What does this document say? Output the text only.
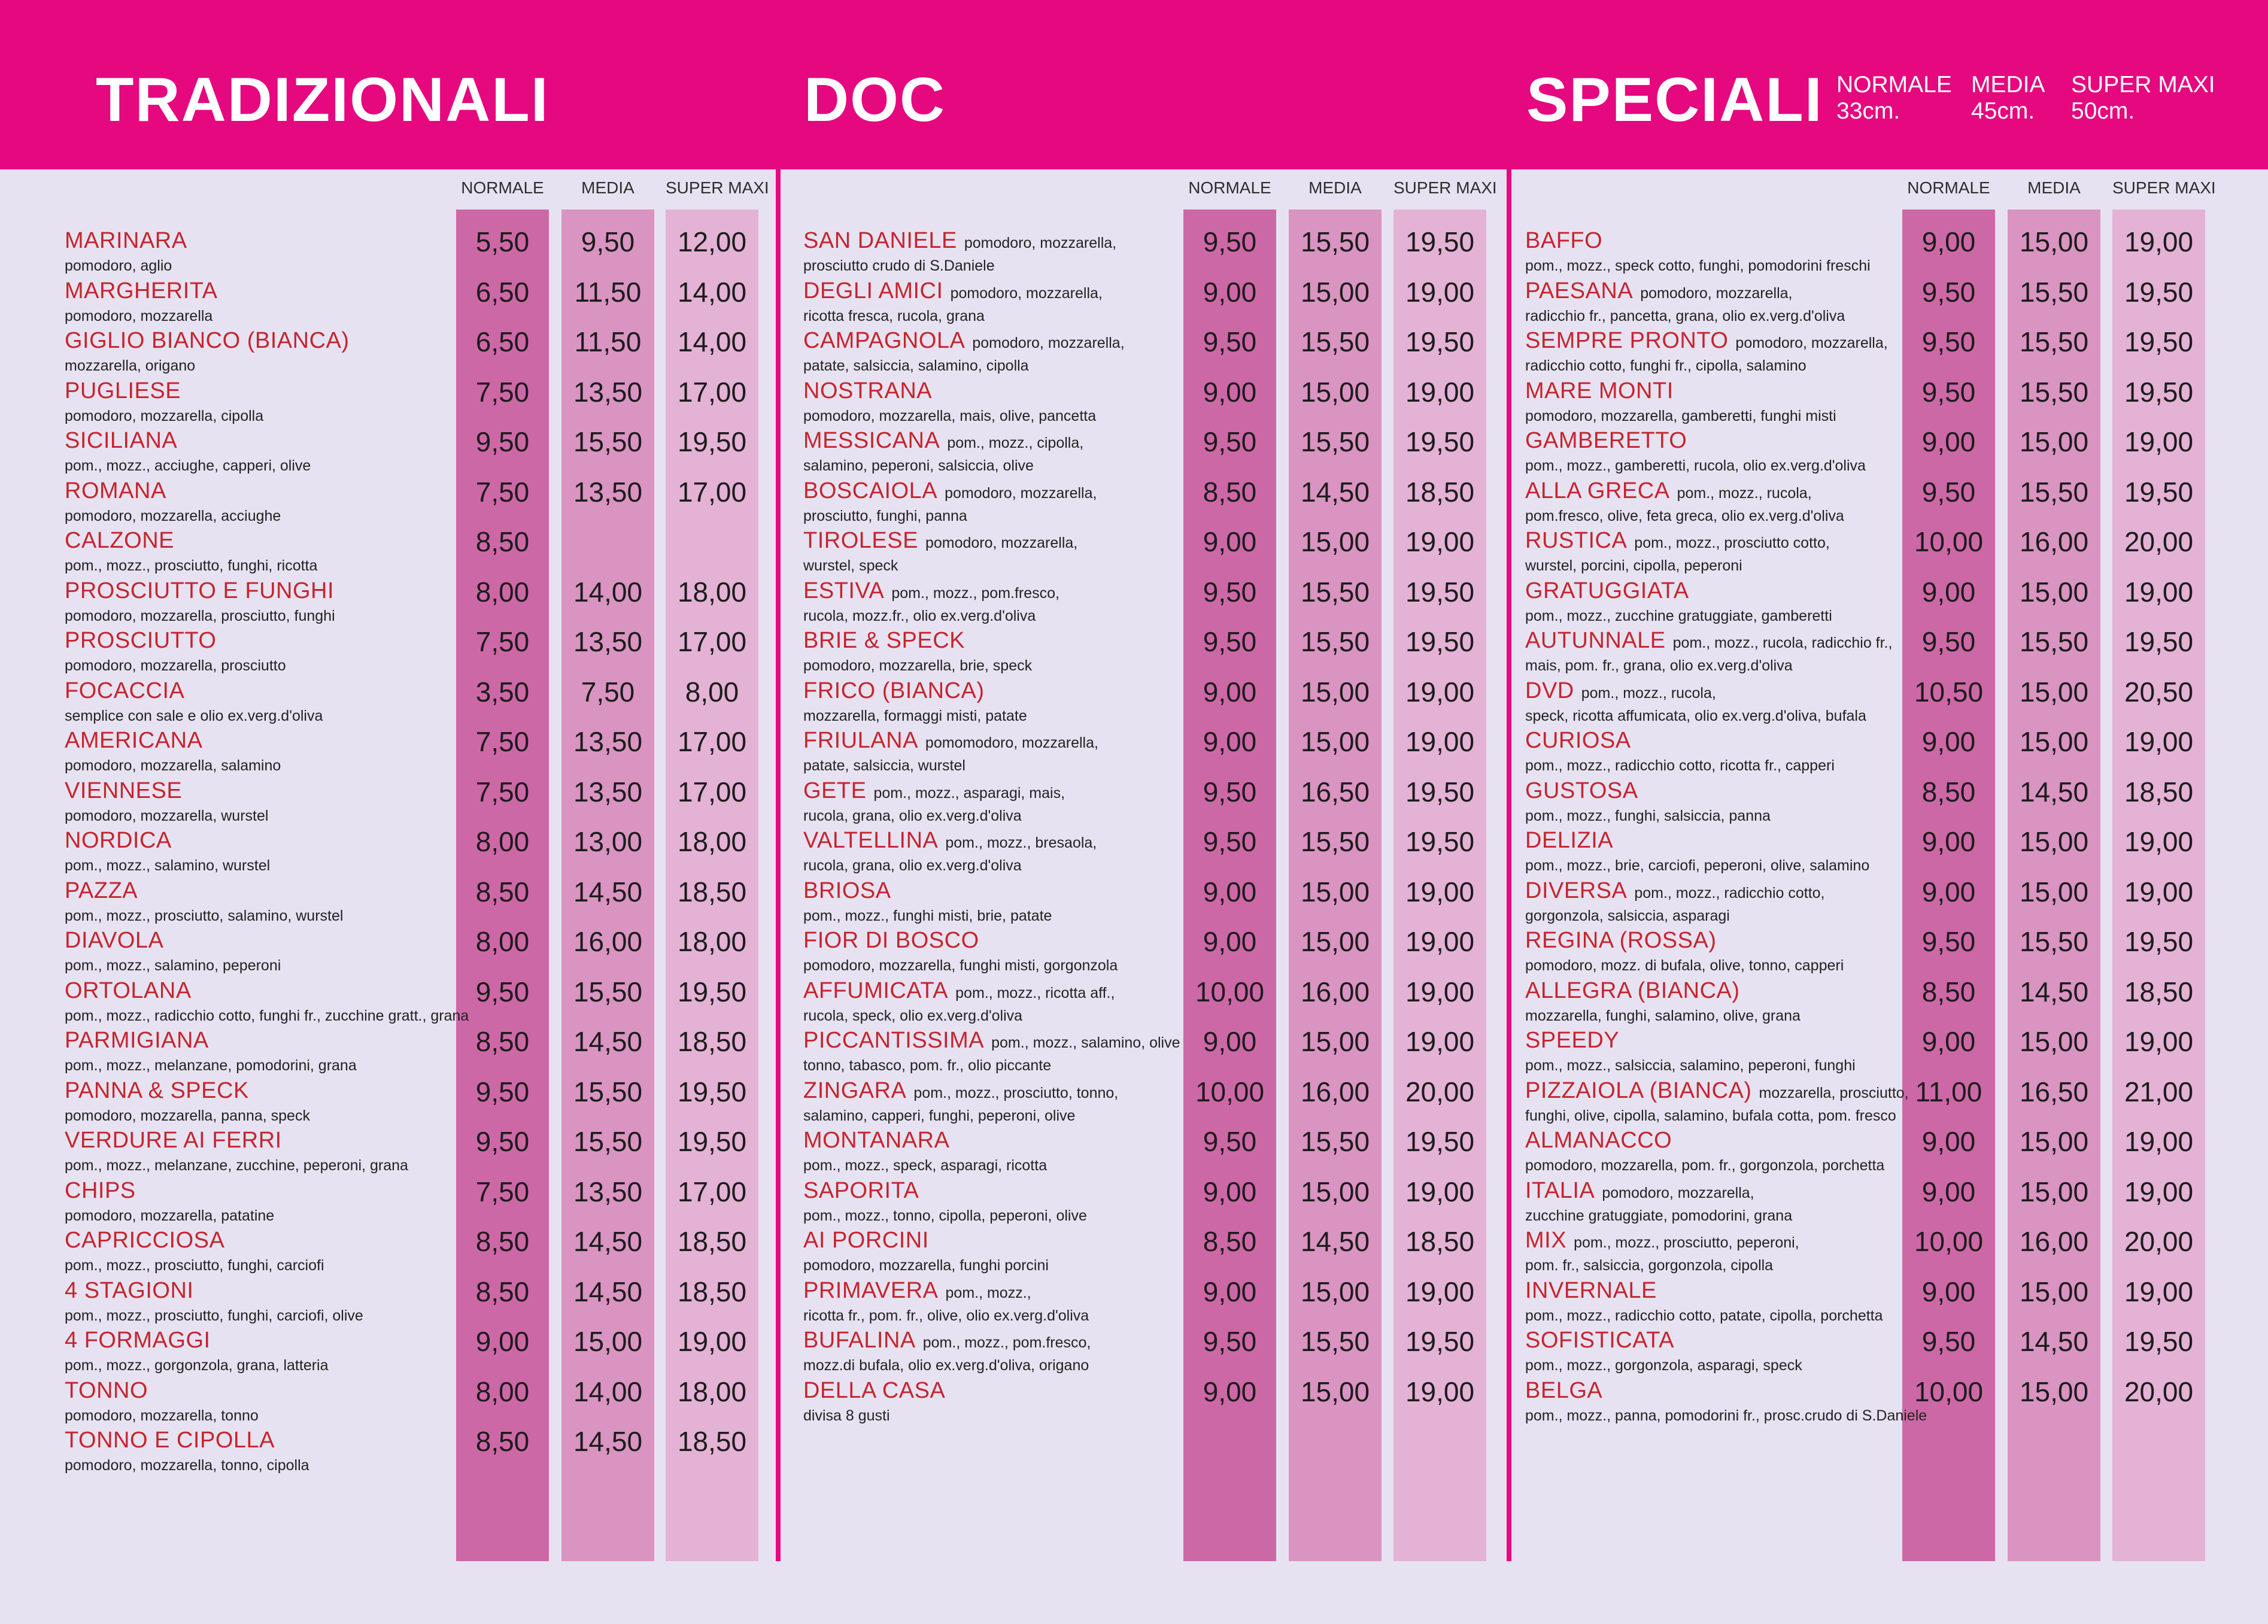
TRADIZIONALI	DOC	SPECIALI NORMALE
33cm.
MEDIA
45cm.
SUPER MAXI
50cm.
NORMALE	MEDIA	SUPER MAXI
MARINARA
pomodoro, aglio
5,50	9,50	12,00
MARGHERITA
pomodoro, mozzarella
6,50	11,50	14,00
GIGLIO BIANCO (BIANCA)
mozzarella, origano
6,50	11,50	14,00
PUGLIESE
pomodoro, mozzarella, cipolla
7,50	13,50	17,00
SICILIANA
pom., mozz., acciughe, capperi, olive
9,50	15,50	19,50
ROMANA
pomodoro, mozzarella, acciughe
7,50	13,50	17,00
CALZONE
pom., mozz., prosciutto, funghi, ricotta
8,50
PROSCIUTTO E FUNGHI
pomodoro, mozzarella, prosciutto, funghi
8,00	14,00	18,00
PROSCIUTTO
pomodoro, mozzarella, prosciutto
7,50	13,50	17,00
FOCACCIA
semplice con sale e olio ex.verg.d'oliva
3,50	7,50	8,00
AMERICANA
pomodoro, mozzarella, salamino
7,50	13,50	17,00
VIENNESE
pomodoro, mozzarella, wurstel
7,50	13,50	17,00
NORDICA
pom., mozz., salamino, wurstel
8,00	13,00	18,00
PAZZA
pom., mozz., prosciutto, salamino, wurstel
8,50	14,50	18,50
DIAVOLA
pom., mozz., salamino, peperoni
8,00	16,00	18,00
ORTOLANA
pom., mozz., radicchio cotto, funghi fr., zucchine gratt., grana
9,50	15,50	19,50
PARMIGIANA
pom., mozz., melanzane, pomodorini, grana
8,50	14,50	18,50
PANNA & SPECK
pomodoro, mozzarella, panna, speck
9,50	15,50	19,50
VERDURE AI FERRI
pom., mozz., melanzane, zucchine, peperoni, grana
9,50	15,50	19,50
CHIPS
pomodoro, mozzarella, patatine
7,50	13,50	17,00
CAPRICCIOSA
pom., mozz., prosciutto, funghi, carciofi
8,50	14,50	18,50
4 STAGIONI
pom., mozz., prosciutto, funghi, carciofi, olive
8,50	14,50	18,50
4 FORMAGGI
pom., mozz., gorgonzola, grana, latteria
9,00	15,00	19,00
TONNO
pomodoro, mozzarella, tonno
8,00	14,00	18,00
TONNO E CIPOLLA
pomodoro, mozzarella, tonno, cipolla
8,50	14,50	18,50
NORMALE	MEDIA	SUPER MAXI
SAN DANIELE pomodoro, mozzarella,
prosciutto crudo di S.Daniele
9,50	15,50	19,50
DEGLI AMICI pomodoro, mozzarella,
ricotta fresca, rucola, grana
9,00	15,00	19,00
CAMPAGNOLA pomodoro, mozzarella,
patate, salsiccia, salamino, cipolla
9,50	15,50	19,50
NOSTRANA
pomodoro, mozzarella, mais, olive, pancetta
9,00	15,00	19,00
MESSICANA pom., mozz., cipolla,
salamino, peperoni, salsiccia, olive
9,50	15,50	19,50
BOSCAIOLA pomodoro, mozzarella,
prosciutto, funghi, panna
8,50	14,50	18,50
TIROLESE pomodoro, mozzarella,
wurstel, speck
9,00	15,00	19,00
ESTIVA pom., mozz., pom.fresco,
rucola, mozz.fr., olio ex.verg.d'oliva
9,50	15,50	19,50
BRIE & SPECK
pomodoro, mozzarella, brie, speck
9,50	15,50	19,50
FRICO (BIANCA)
mozzarella, formaggi misti, patate
9,00	15,00	19,00
FRIULANA pomomodoro, mozzarella,
patate, salsiccia, wurstel
9,00	15,00	19,00
GETE pom., mozz., asparagi, mais,
rucola, grana, olio ex.verg.d'oliva
9,50	16,50	19,50
VALTELLINA pom., mozz., bresaola,
rucola, grana, olio ex.verg.d'oliva
9,50	15,50	19,50
BRIOSA
pom., mozz., funghi misti, brie, patate
9,00	15,00	19,00
FIOR DI BOSCO
pomodoro, mozzarella, funghi misti, gorgonzola
9,00	15,00	19,00
AFFUMICATA pom., mozz., ricotta aff.,
rucola, speck, olio ex.verg.d'oliva
10,00	16,00	19,00
PICCANTISSIMA pom., mozz., salamino, olive
tonno, tabasco, pom. fr., olio piccante
9,00	15,00	19,00
ZINGARA pom., mozz., prosciutto, tonno,
salamino, capperi, funghi, peperoni, olive
10,00	16,00	20,00
MONTANARA
pom., mozz., speck, asparagi, ricotta
9,50	15,50	19,50
SAPORITA
pom., mozz., tonno, cipolla, peperoni, olive
9,00	15,00	19,00
AI PORCINI
pomodoro, mozzarella, funghi porcini
8,50	14,50	18,50
PRIMAVERA pom., mozz.,
ricotta fr., pom. fr., olive, olio ex.verg.d'oliva
9,00	15,00	19,00
BUFALINA pom., mozz., pom.fresco,
mozz.di bufala, olio ex.verg.d'oliva, origano
9,50	15,50	19,50
DELLA CASA
divisa 8 gusti
9,00	15,00	19,00
NORMALE	MEDIA	SUPER MAXI
BAFFO
pom., mozz., speck cotto, funghi, pomodorini freschi
9,00	15,00	19,00
PAESANA pomodoro, mozzarella,
radicchio fr., pancetta, grana, olio ex.verg.d'oliva
9,50	15,50	19,50
SEMPRE PRONTO pomodoro, mozzarella,
radicchio cotto, funghi fr., cipolla, salamino
9,50	15,50	19,50
MARE MONTI
pomodoro, mozzarella, gamberetti, funghi misti
9,50	15,50	19,50
GAMBERETTO
pom., mozz., gamberetti, rucola, olio ex.verg.d'oliva
9,00	15,00	19,00
ALLA GRECA pom., mozz., rucola,
pom.fresco, olive, feta greca, olio ex.verg.d'oliva
9,50	15,50	19,50
RUSTICA pom., mozz., prosciutto cotto,
wurstel, porcini, cipolla, peperoni
10,00	16,00	20,00
GRATUGGIATA
pom., mozz., zucchine gratuggiate, gamberetti
9,00	15,00	19,00
AUTUNNALE pom., mozz., rucola, radicchio fr.,
mais, pom. fr., grana, olio ex.verg.d'oliva
9,50	15,50	19,50
DVD pom., mozz., rucola,
speck, ricotta affumicata, olio ex.verg.d'oliva, bufala
10,50	15,00	20,50
CURIOSA
pom., mozz., radicchio cotto, ricotta fr., capperi
9,00	15,00	19,00
GUSTOSA
pom., mozz., funghi, salsiccia, panna
8,50	14,50	18,50
DELIZIA
pom., mozz., brie, carciofi, peperoni, olive, salamino
9,00	15,00	19,00
DIVERSA pom., mozz., radicchio cotto,
gorgonzola, salsiccia, asparagi
9,00	15,00	19,00
REGINA (ROSSA)
pomodoro, mozz. di bufala, olive, tonno, capperi
9,50	15,50	19,50
ALLEGRA (BIANCA)
mozzarella, funghi, salamino, olive, grana
8,50	14,50	18,50
SPEEDY
pom., mozz., salsiccia, salamino, peperoni, funghi
9,00	15,00	19,00
PIZZAIOLA (BIANCA) mozzarella, prosciutto,
funghi, olive, cipolla, salamino, bufala cotta, pom. fresco
11,00	16,50	21,00
ALMANACCO
pomodoro, mozzarella, pom. fr., gorgonzola, porchetta
9,00	15,00	19,00
ITALIA pomodoro, mozzarella,
zucchine gratuggiate, pomodorini, grana
9,00	15,00	19,00
MIX pom., mozz., prosciutto, peperoni,
pom. fr., salsiccia, gorgonzola, cipolla
10,00	16,00	20,00
INVERNALE
pom., mozz., radicchio cotto, patate, cipolla, porchetta
9,00	15,00	19,00
SOFISTICATA
pom., mozz., gorgonzola, asparagi, speck
9,50	14,50	19,50
BELGA
pom., mozz., panna, pomodorini fr., prosc.crudo di S.Daniele
10,00	15,00	20,00
